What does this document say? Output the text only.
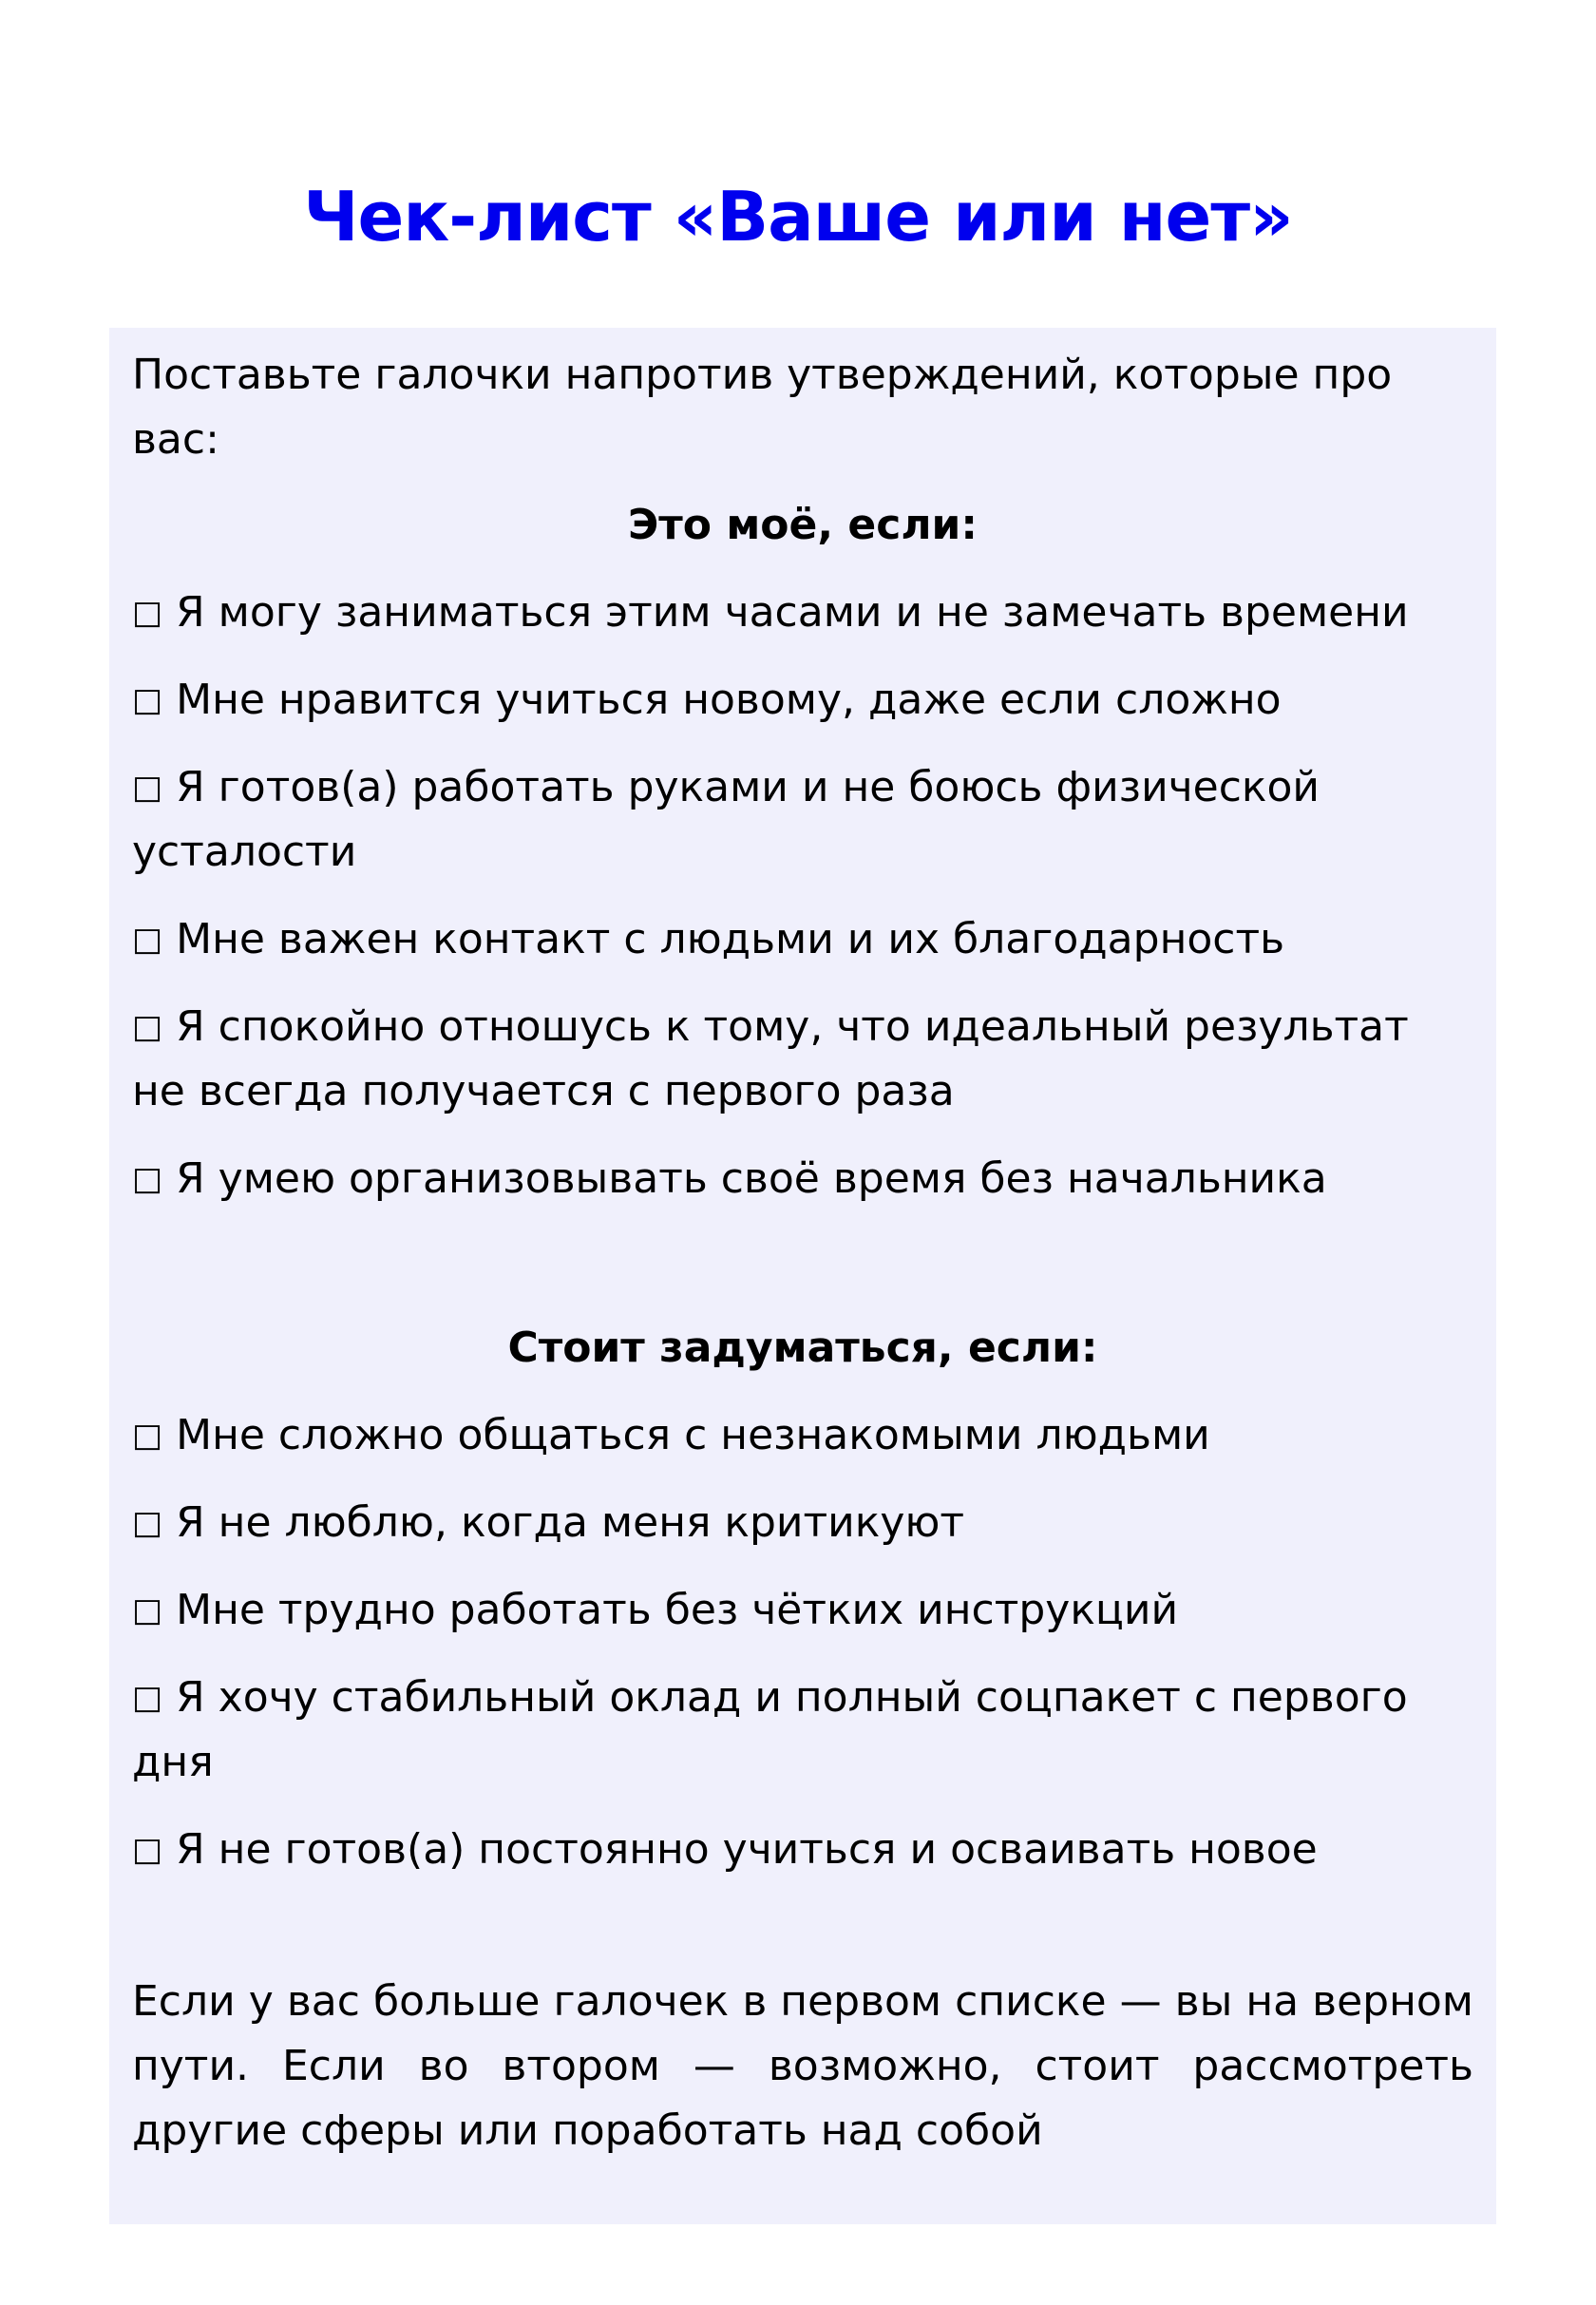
Чек-лист «Ваше или нет»

Поставьте галочки напротив утверждений, которые про вас:

Это моё, если:

□ Я могу заниматься этим часами и не замечать времени
□ Мне нравится учиться новому, даже если сложно
□ Я готов(а) работать руками и не боюсь физической усталости
□ Мне важен контакт с людьми и их благодарность
□ Я спокойно отношусь к тому, что идеальный результат не всегда получается с первого раза
□ Я умею организовывать своё время без начальника

Стоит задуматься, если:

□ Мне сложно общаться с незнакомыми людьми
□ Я не люблю, когда меня критикуют
□ Мне трудно работать без чётких инструкций
□ Я хочу стабильный оклад и полный соцпакет с первого дня
□ Я не готов(а) постоянно учиться и осваивать новое

Если у вас больше галочек в первом списке — вы на верном пути. Если во втором — возможно, стоит рассмотреть другие сферы или поработать над собой
